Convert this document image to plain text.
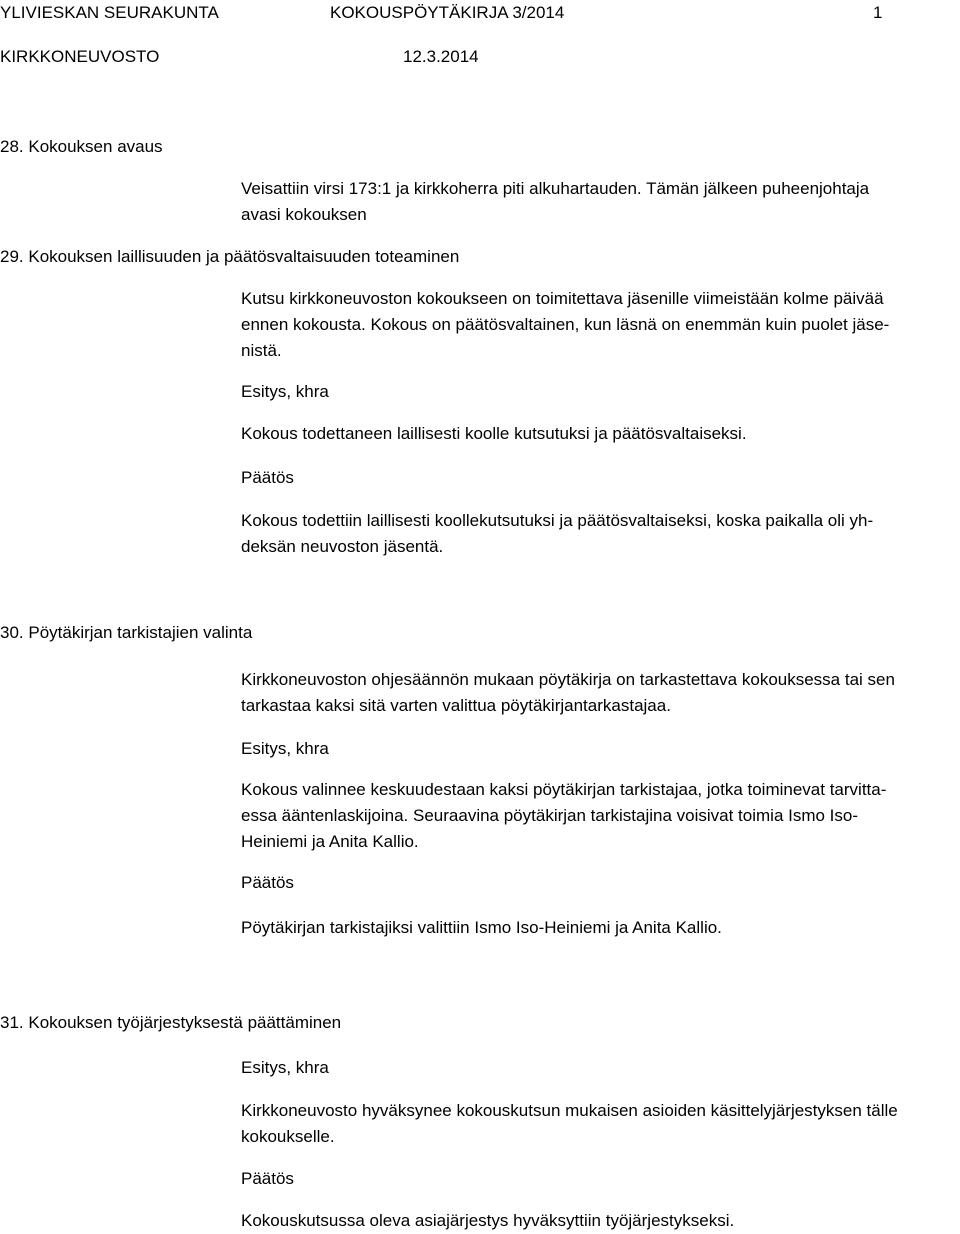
YLIVIESKAN SEURAKUNTA	KOKOUSPÖYTÄKIRJA 3/2014	1
KIRKKONEUVOSTO	12.3.2014
28. Kokouksen avaus
Veisattiin virsi 173:1 ja kirkkoherra piti alkuhartauden. Tämän jälkeen puheenjohtaja
avasi kokouksen
29. Kokouksen laillisuuden ja päätösvaltaisuuden toteaminen
Kutsu kirkkoneuvoston kokoukseen on toimitettava jäsenille viimeistään kolme päivää
ennen kokousta. Kokous on päätösvaltainen, kun läsnä on enemmän kuin puolet jäse-
nistä.
Esitys, khra
Kokous todettaneen laillisesti koolle kutsutuksi ja päätösvaltaiseksi.
Päätös
Kokous todettiin laillisesti koollekutsutuksi ja päätösvaltaiseksi, koska paikalla oli yh-
deksän neuvoston jäsentä.
30. Pöytäkirjan tarkistajien valinta
Kirkkoneuvoston ohjesäännön mukaan pöytäkirja on tarkastettava kokouksessa tai sen
tarkastaa kaksi sitä varten valittua pöytäkirjantarkastajaa.
Esitys, khra
Kokous valinnee keskuudestaan kaksi pöytäkirjan tarkistajaa, jotka toiminevat tarvitta-
essa ääntenlaskijoina. Seuraavina pöytäkirjan tarkistajina voisivat toimia Ismo Iso-
Heiniemi ja Anita Kallio.
Päätös
Pöytäkirjan tarkistajiksi valittiin Ismo Iso-Heiniemi ja Anita Kallio.
31. Kokouksen työjärjestyksestä päättäminen
Esitys, khra
Kirkkoneuvosto hyväksynee kokouskutsun mukaisen asioiden käsittelyjärjestyksen tälle
kokoukselle.
Päätös
Kokouskutsussa oleva asiajärjestys hyväksyttiin työjärjestykseksi.
